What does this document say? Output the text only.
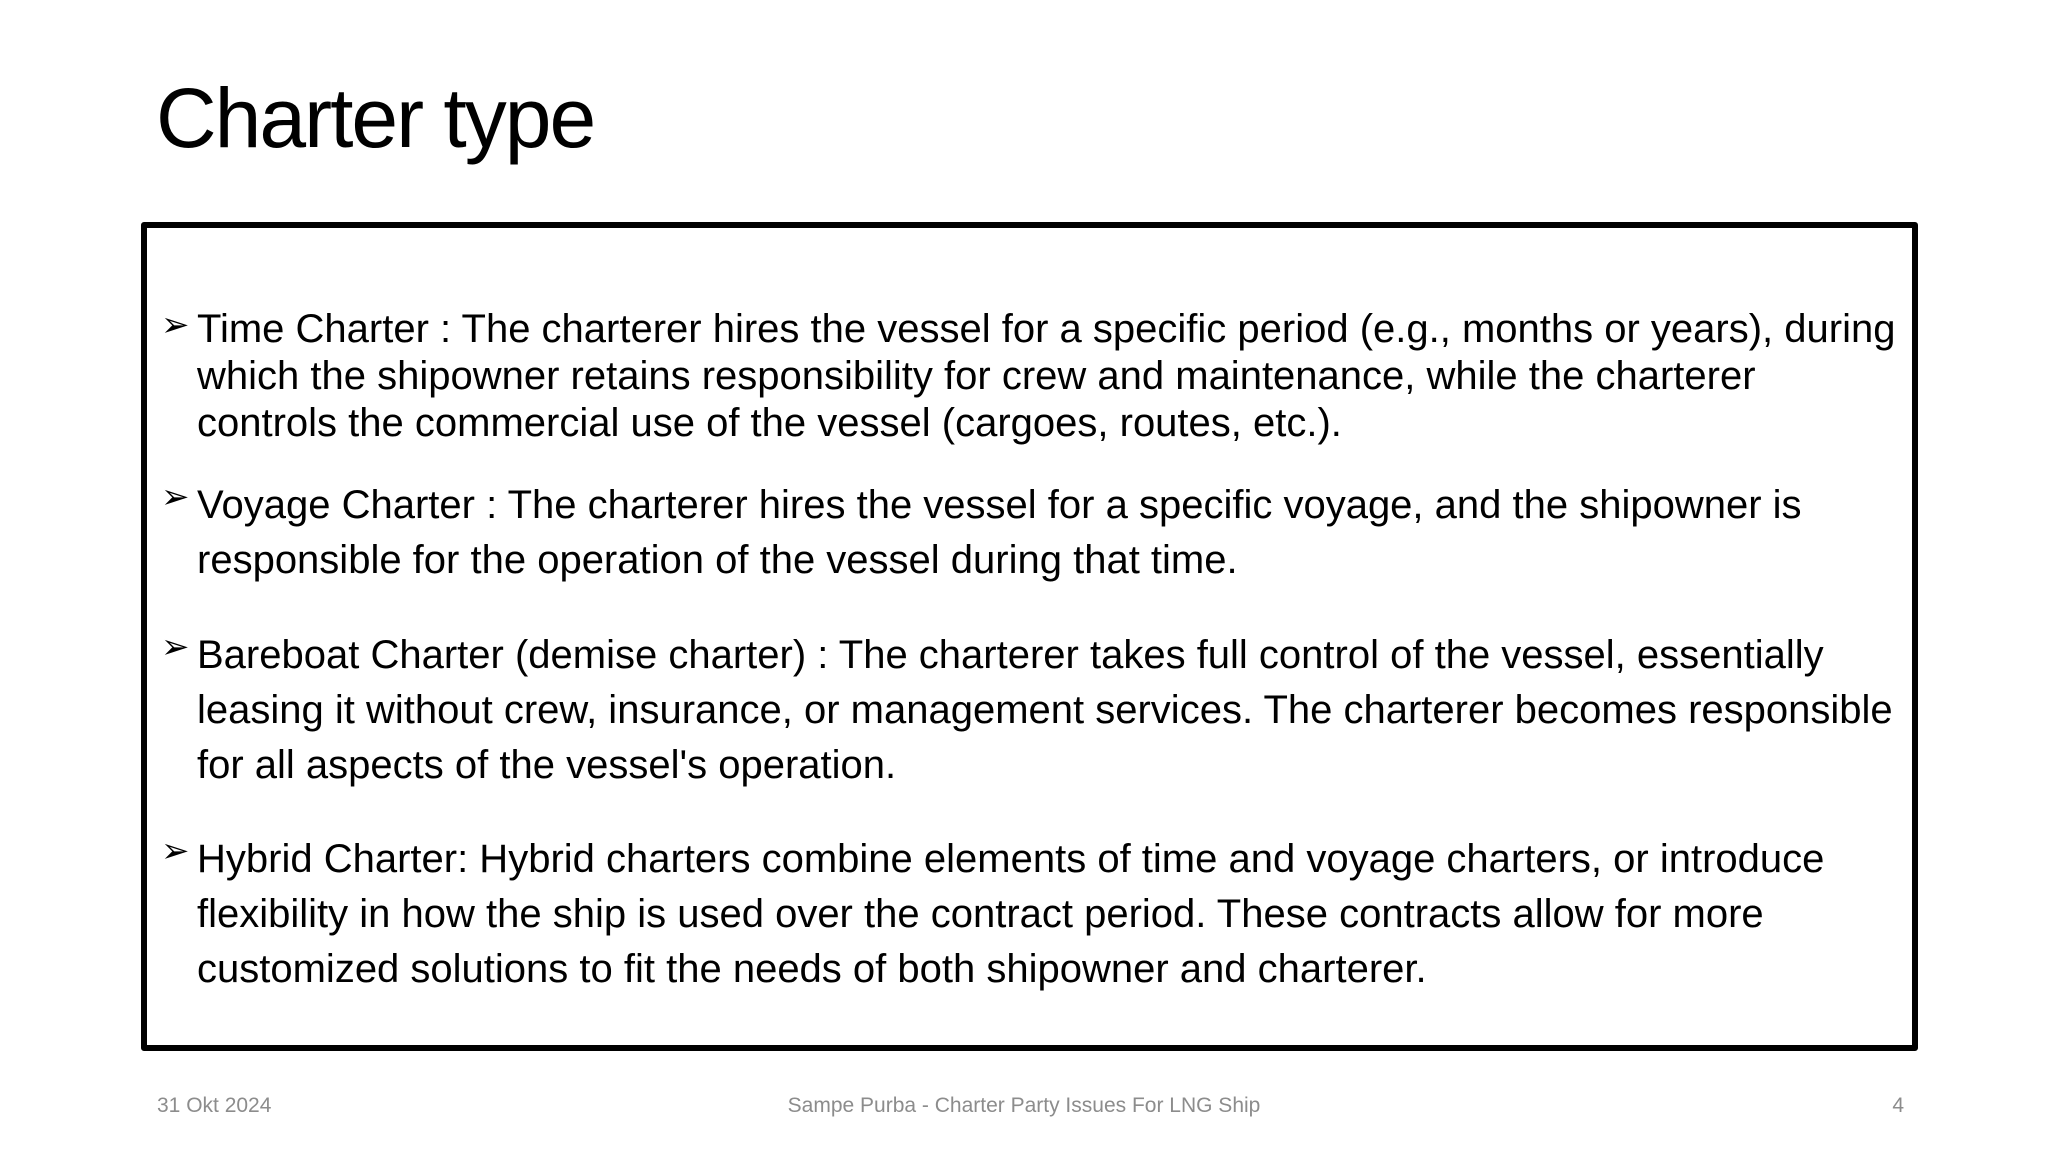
Charter type
➢ Time Charter : The charterer hires the vessel for a specific period (e.g., months or years), during which the shipowner retains responsibility for crew and maintenance, while the charterer controls the commercial use of the vessel (cargoes, routes, etc.).

➢ Voyage Charter : The charterer hires the vessel for a specific voyage, and the shipowner is responsible for the operation of the vessel during that time.

➢ Bareboat Charter (demise charter) : The charterer takes full control of the vessel, essentially leasing it without crew, insurance, or management services. The charterer becomes responsible for all aspects of the vessel's operation.

➢ Hybrid Charter: Hybrid charters combine elements of time and voyage charters, or introduce flexibility in how the ship is used over the contract period. These contracts allow for more customized solutions to fit the needs of both shipowner and charterer.

31 Okt 2024	Sampe Purba - Charter Party Issues For LNG Ship	4
